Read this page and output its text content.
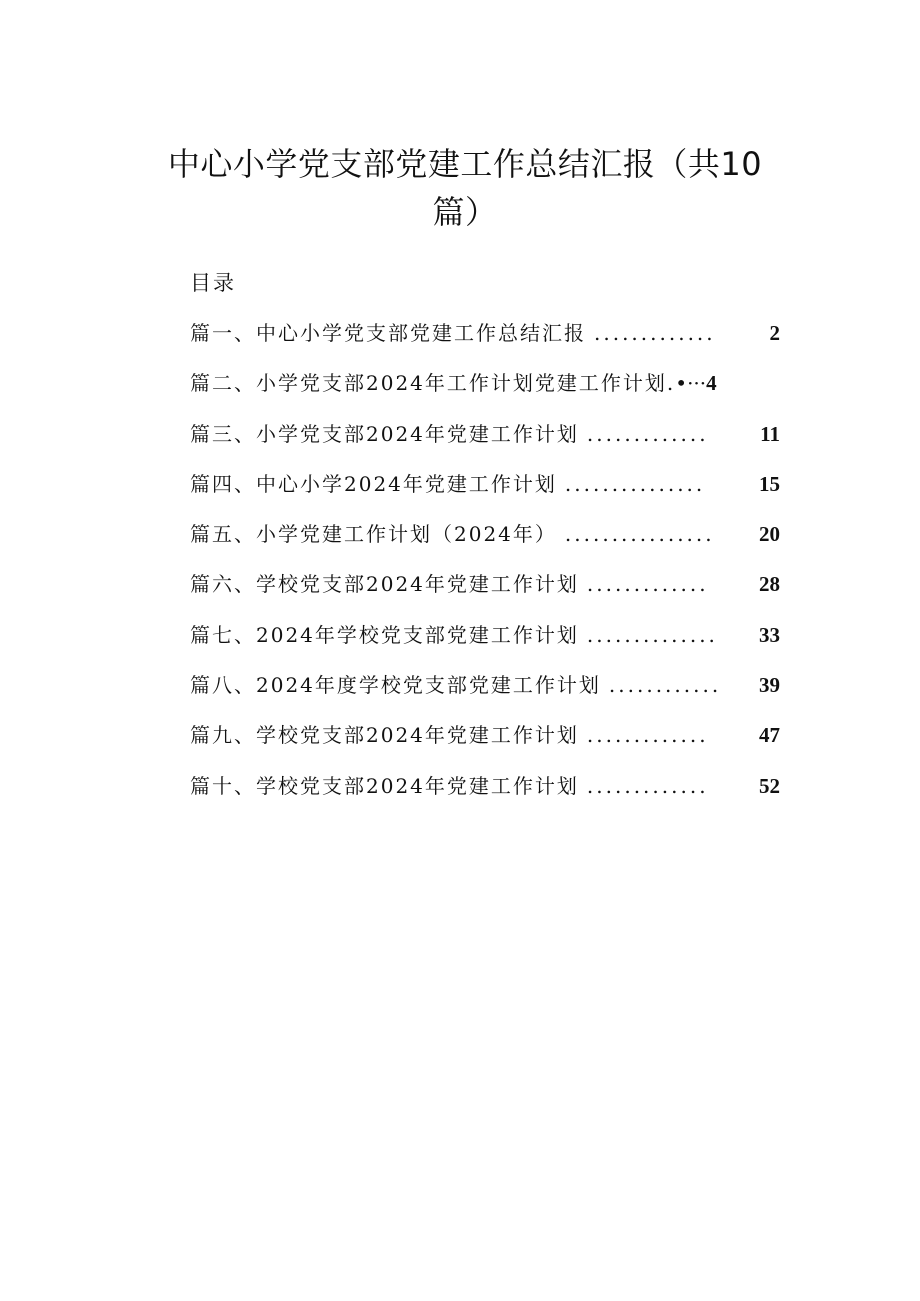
中心小学党支部党建工作总结汇报（共10
篇）
目录
篇一、中心小学党支部党建工作总结汇报 .............	2
篇二、小学党支部2024年工作计划党建工作计划. •··· 4
篇三、小学党支部2024年党建工作计划 .............	11
篇四、中心小学2024年党建工作计划 ...............	15
篇五、小学党建工作计划（2024年） ................	20
篇六、学校党支部2024年党建工作计划 .............	28
篇七、2024年学校党支部党建工作计划 ..............	33
篇八、2024年度学校党支部党建工作计划 ............	39
篇九、学校党支部2024年党建工作计划 .............	47
篇十、学校党支部2024年党建工作计划 .............	52
